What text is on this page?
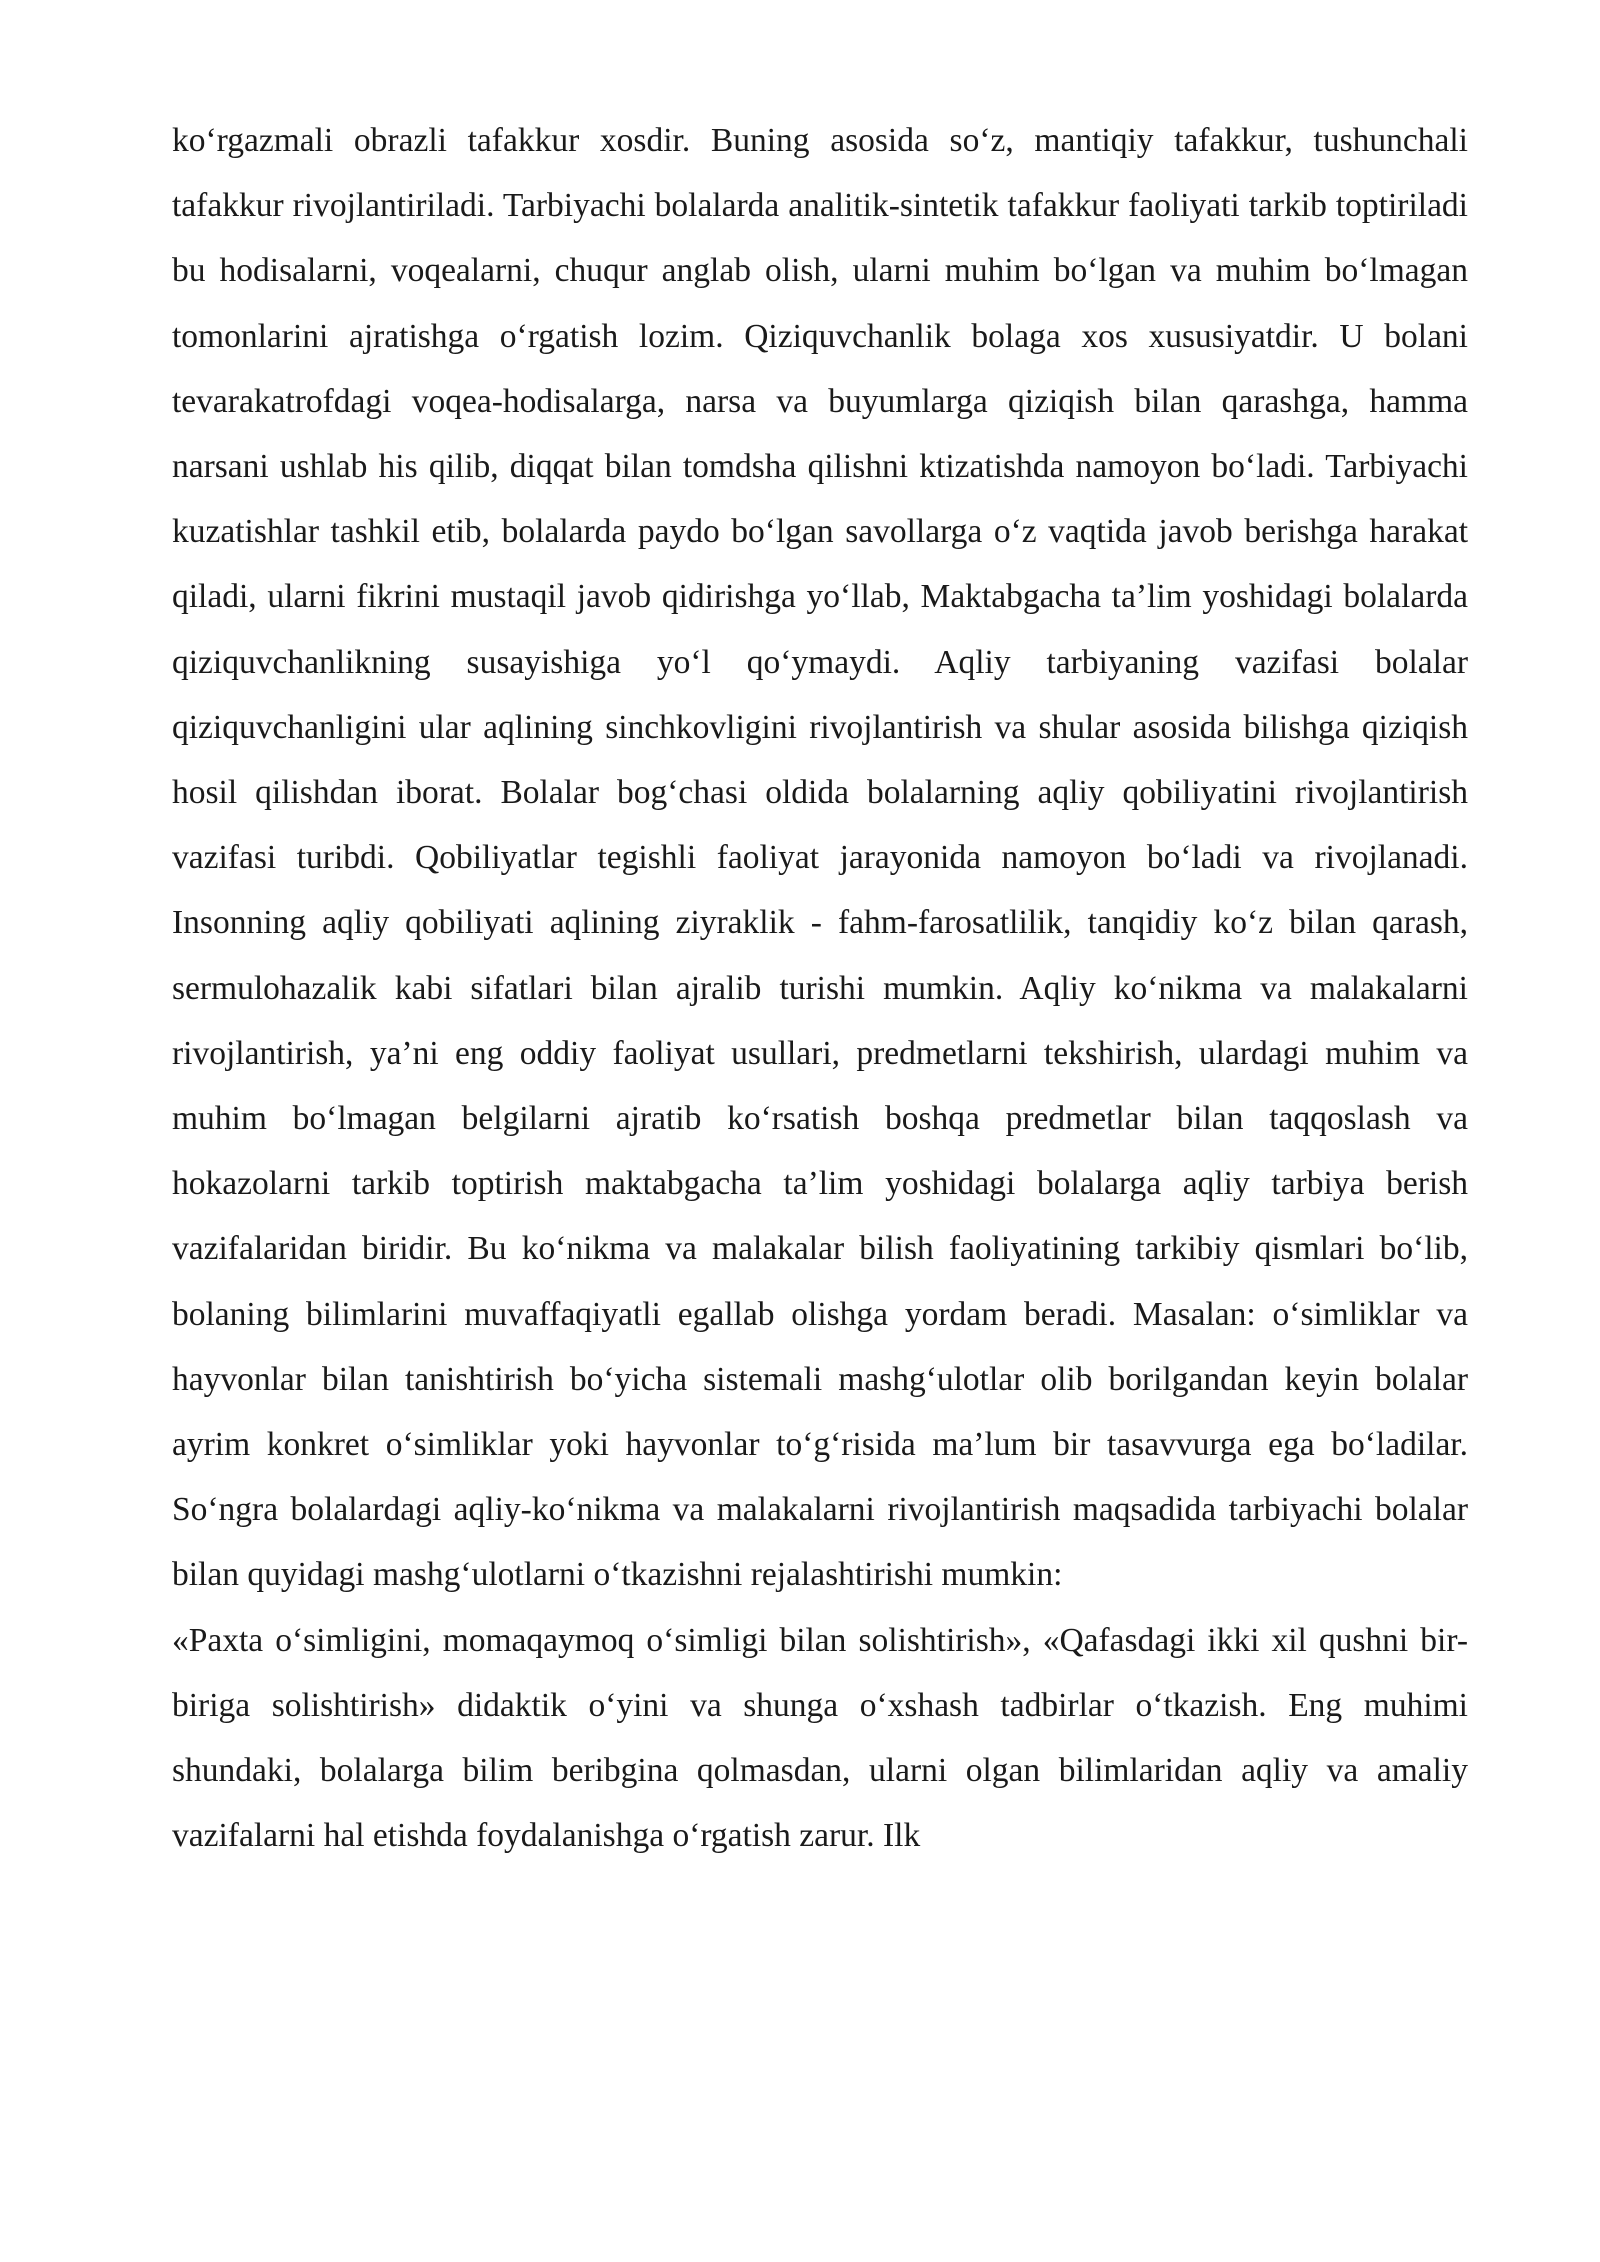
ko‘rgazmali obrazli tafakkur xosdir. Buning asosida so‘z, mantiqiy tafakkur, tushunchali tafakkur rivojlantiriladi. Tarbiyachi bolalarda analitik-sintetik tafakkur faoliyati tarkib toptiriladi bu hodisalarni, voqealarni, chuqur anglab olish, ularni muhim bo‘lgan va muhim bo‘lmagan tomonlarini ajratishga o‘rgatish lozim. Qiziquvchanlik bolaga xos xususiyatdir. U bolani tevarakatrofdagi voqea-hodisalarga, narsa va buyumlarga qiziqish bilan qarashga, hamma narsani ushlab his qilib, diqqat bilan tomdsha qilishni ktizatishda namoyon bo‘ladi. Tarbiyachi kuzatishlar tashkil etib, bolalarda paydo bo‘lgan savollarga o‘z vaqtida javob berishga harakat qiladi, ularni fikrini mustaqil javob qidirishga yo‘llab, Maktabgacha ta’lim yoshidagi bolalarda qiziquvchanlikning susayishiga yo‘l qo‘ymaydi. Aqliy tarbiyaning vazifasi bolalar qiziquvchanligini ular aqlining sinchkovligini rivojlantirish va shular asosida bilishga qiziqish hosil qilishdan iborat. Bolalar bog‘chasi oldida bolalarning aqliy qobiliyatini rivojlantirish vazifasi turibdi. Qobiliyatlar tegishli faoliyat jarayonida namoyon bo‘ladi va rivojlanadi. Insonning aqliy qobiliyati aqlining ziyraklik - fahm-farosatlilik, tanqidiy ko‘z bilan qarash, sermulohazalik kabi sifatlari bilan ajralib turishi mumkin. Aqliy ko‘nikma va malakalarni rivojlantirish, ya’ni eng oddiy faoliyat usullari, predmetlarni tekshirish, ulardagi muhim va muhim bo‘lmagan belgilarni ajratib ko‘rsatish boshqa predmetlar bilan taqqoslash va hokazolarni tarkib toptirish maktabgacha ta’lim yoshidagi bolalarga aqliy tarbiya berish vazifalaridan biridir. Bu ko‘nikma va malakalar bilish faoliyatining tarkibiy qismlari bo‘lib, bolaning bilimlarini muvaffaqiyatli egallab olishga yordam beradi. Masalan: o‘simliklar va hayvonlar bilan tanishtirish bo‘yicha sistemali mashg‘ulotlar olib borilgandan keyin bolalar ayrim konkret o‘simliklar yoki hayvonlar to‘g‘risida ma’lum bir tasavvurga ega bo‘ladilar. So‘ngra bolalardagi aqliy-ko‘nikma va malakalarni rivojlantirish maqsadida tarbiyachi bolalar bilan quyidagi mashg‘ulotlarni o‘tkazishni rejalashtirishi mumkin:

«Paxta o‘simligini, momaqaymoq o‘simligi bilan solishtirish», «Qafasdagi ikki xil qushni bir-biriga solishtirish» didaktik o‘yini va shunga o‘xshash tadbirlar o‘tkazish. Eng muhimi shundaki, bolalarga bilim beribgina qolmasdan, ularni olgan bilimlaridan aqliy va amaliy vazifalarni hal etishda foydalanishga o‘rgatish zarur. Ilk
